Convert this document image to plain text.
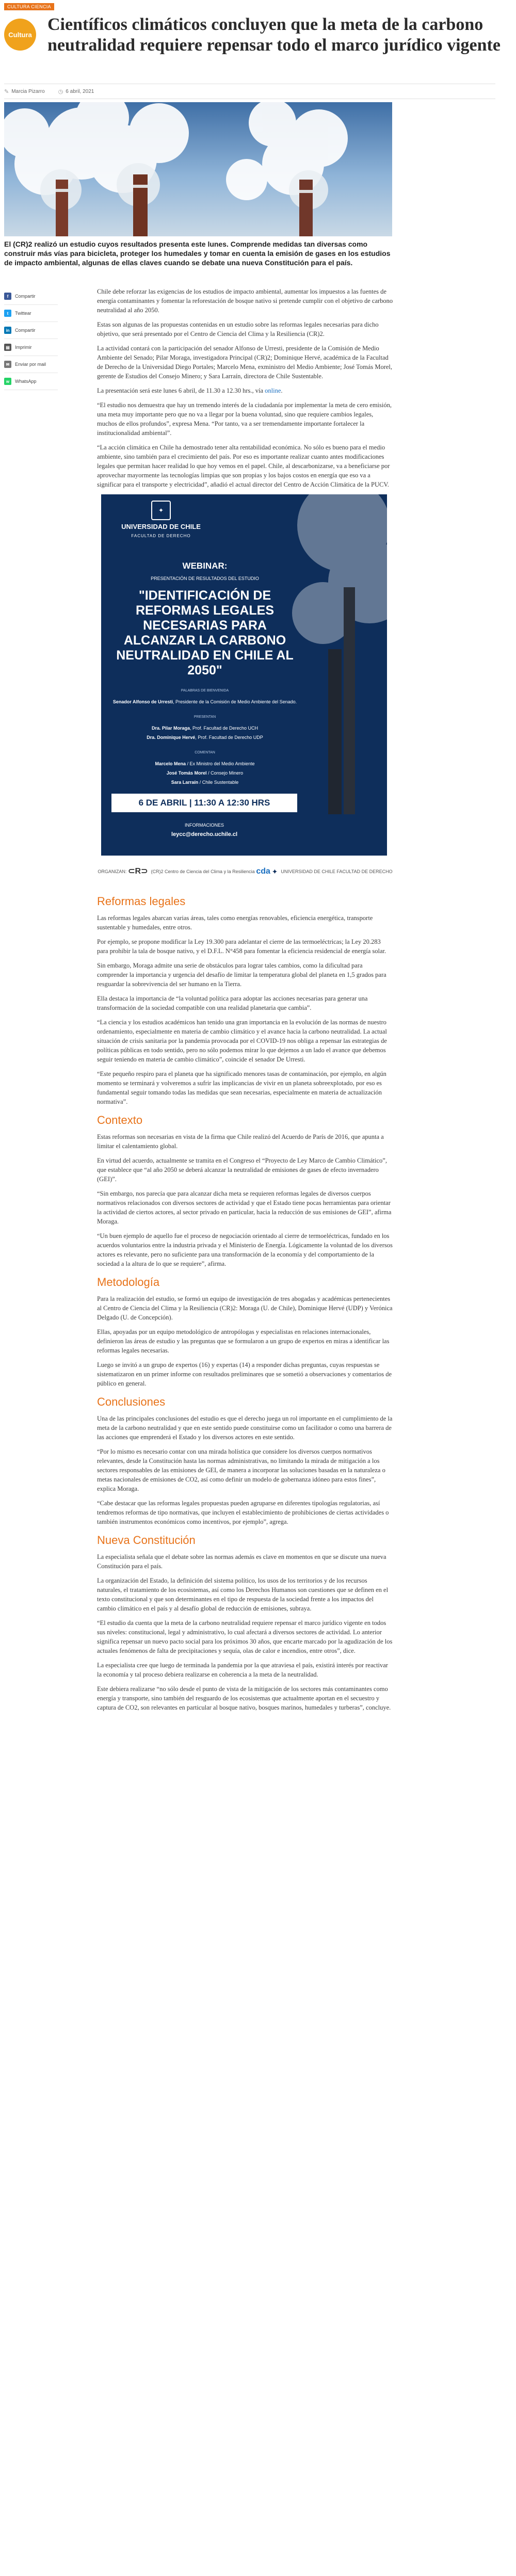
CULTURA CIENCIA
Cultura
Científicos climáticos concluyen que la meta de la carbono neutralidad requiere repensar todo el marco jurídico vigente
✎ Marcia Pizarro ◷ 6 abril, 2021

El (CR)2 realizó un estudio cuyos resultados presenta este lunes. Comprende medidas tan diversas como construir más vías para bicicleta, proteger los humedales y tomar en cuenta la emisión de gases en los estudios de impacto ambiental, algunas de ellas claves cuando se debate una nueva Constitución para el país.

f	Compartir
t	Twittear
in	Compartir
▤	Imprimir
✉	Enviar por mail
w	WhatsApp

Chile debe reforzar las exigencias de los estudios de impacto ambiental, aumentar los impuestos a las fuentes de energía contaminantes y fomentar la reforestación de bosque nativo si pretende cumplir con el objetivo de carbono neutralidad al año 2050.

Estas son algunas de las propuestas contenidas en un estudio sobre las reformas legales necesarias para dicho objetivo, que será presentado por el Centro de Ciencia del Clima y la Resiliencia (CR)2.

La actividad contará con la participación del senador Alfonso de Urresti, presidente de la Comisión de Medio Ambiente del Senado; Pilar Moraga, investigadora Principal (CR)2; Dominique Hervé, académica de la Facultad de Derecho de la Universidad Diego Portales; Marcelo Mena, exministro del Medio Ambiente; José Tomás Morel, gerente de Estudios del Consejo Minero; y Sara Larraín, directora de Chile Sustentable.

La presentación será este lunes 6 abril, de 11.30 a 12.30 hrs., vía online.

“El estudio nos demuestra que hay un tremendo interés de la ciudadanía por implementar la meta de cero emisión, una meta muy importante pero que no va a llegar por la buena voluntad, sino que requiere cambios legales, muchos de ellos profundos”, expresa Mena. “Por tanto, va a ser tremendamente importante fortalecer la institucionalidad ambiental”.

“La acción climática en Chile ha demostrado tener alta rentabilidad económica. No sólo es bueno para el medio ambiente, sino también para el crecimiento del país. Por eso es importante realizar cuanto antes modificaciones legales que permitan hacer realidad lo que hoy vemos en el papel. Chile, al descarbonizarse, va a beneficiarse por aprovechar mayormente las tecnologías limpias que son propias y los bajos costos en energía que eso va a significar para el transporte y electricidad”, añadió el actual director del Centro de Acción Climática de la PUCV.

✦
UNIVERSIDAD DE CHILE
FACULTAD DE DERECHO
WEBINAR:
PRESENTACIÓN DE RESULTADOS DEL ESTUDIO
"IDENTIFICACIÓN DE REFORMAS LEGALES NECESARIAS PARA ALCANZAR LA CARBONO NEUTRALIDAD EN CHILE AL 2050"
PALABRAS DE BIENVENIDA
Senador Alfonso de Urresti, Presidente de la Comisión de Medio Ambiente del Senado.
PRESENTAN
Dra. Pilar Moraga, Prof. Facultad de Derecho UCH
Dra. Dominique Hervé, Prof. Facultad de Derecho UDP
COMENTAN
Marcelo Mena / Ex Ministro del Medio Ambiente
José Tomás Morel / Consejo Minero
Sara Larraín / Chile Sustentable
6 DE ABRIL | 11:30 A 12:30 HRS
INFORMACIONES
leycc@derecho.uchile.cl
ORGANIZAN: ⊂R⊃ (CR)2 Centro de Ciencia del Clima y la Resiliencia cda ✦ UNIVERSIDAD DE CHILE FACULTAD DE DERECHO
Reformas legales

Las reformas legales abarcan varias áreas, tales como energías renovables, eficiencia energética, transporte sustentable y humedales, entre otros.

Por ejemplo, se propone modificar la Ley 19.300 para adelantar el cierre de las termoeléctricas; la Ley 20.283 para prohibir la tala de bosque nativo, y el D.F.L. N°458 para fomentar la eficiencia residencial de energía solar.

Sin embargo, Moraga admite una serie de obstáculos para lograr tales cambios, como la dificultad para comprender la importancia y urgencia del desafío de limitar la temperatura global del planeta en 1,5 grados para resguardar la sobrevivencia del ser humano en la Tierra.

Ella destaca la importancia de “la voluntad política para adoptar las acciones necesarias para generar una transformación de la sociedad compatible con una realidad planetaria que cambia”.

“La ciencia y los estudios académicos han tenido una gran importancia en la evolución de las normas de nuestro ordenamiento, especialmente en materia de cambio climático y el avance hacia la carbono neutralidad. La actual situación de crisis sanitaria por la pandemia provocada por el COVID-19 nos obliga a repensar las estrategias de políticas públicas en todo sentido, pero no sólo podemos mirar lo que dejemos a un lado el avance que debemos seguir teniendo en materia de cambio climático”, coincide el senador De Urresti.

“Este pequeño respiro para el planeta que ha significado menores tasas de contaminación, por ejemplo, en algún momento se terminará y volveremos a sufrir las implicancias de vivir en un planeta sobreexplotado, por eso es fundamental seguir tomando todas las medidas que sean necesarias, especialmente en materia de actualización normativa”.

Contexto

Estas reformas son necesarias en vista de la firma que Chile realizó del Acuerdo de París de 2016, que apunta a limitar el calentamiento global.

En virtud del acuerdo, actualmente se tramita en el Congreso el “Proyecto de Ley Marco de Cambio Climático”, que establece que “al año 2050 se deberá alcanzar la neutralidad de emisiones de gases de efecto invernadero (GEI)”.

“Sin embargo, nos parecía que para alcanzar dicha meta se requieren reformas legales de diversos cuerpos normativos relacionados con diversos sectores de actividad y que el Estado tiene pocas herramientas para orientar la actividad de ciertos actores, al sector privado en particular, hacia la reducción de sus emisiones de GEI”, afirma Moraga.

“Un buen ejemplo de aquello fue el proceso de negociación orientado al cierre de termoeléctricas, fundado en los acuerdos voluntarios entre la industria privada y el Ministerio de Energía. Lógicamente la voluntad de los diversos actores es relevante, pero no suficiente para una transformación de la economía y del comportamiento de la sociedad a la altura de lo que se requiere”, afirma.

Metodología

Para la realización del estudio, se formó un equipo de investigación de tres abogadas y académicas pertenecientes al Centro de Ciencia del Clima y la Resiliencia (CR)2: Moraga (U. de Chile), Dominique Hervé (UDP) y Verónica Delgado (U. de Concepción).

Ellas, apoyadas por un equipo metodológico de antropólogas y especialistas en relaciones internacionales, definieron las áreas de estudio y las preguntas que se formularon a un grupo de expertos en miras a identificar las reformas legales necesarias.

Luego se invitó a un grupo de expertos (16) y expertas (14) a responder dichas preguntas, cuyas respuestas se sistematizaron en un primer informe con resultados preliminares que se sometió a observaciones y comentarios de público en general.

Conclusiones

Una de las principales conclusiones del estudio es que el derecho juega un rol importante en el cumplimiento de la meta de la carbono neutralidad y que en este sentido puede constituirse como un facilitador o como una barrera de las acciones que emprenderá el Estado y los diversos actores en este sentido.

“Por lo mismo es necesario contar con una mirada holística que considere los diversos cuerpos normativos relevantes, desde la Constitución hasta las normas administrativas, no limitando la mirada de mitigación a los sectores responsables de las emisiones de GEI, de manera a incorporar las soluciones basadas en la naturaleza o metas nacionales de emisiones de CO2, así como definir un modelo de gobernanza idóneo para estos fines”, explica Moraga.

“Cabe destacar que las reformas legales propuestas pueden agruparse en diferentes tipologías regulatorias, así tendremos reformas de tipo normativas, que incluyen el establecimiento de prohibiciones de ciertas actividades o también instrumentos económicos como incentivos, por ejemplo”, agrega.

Nueva Constitución

La especialista señala que el debate sobre las normas además es clave en momentos en que se discute una nueva Constitución para el país.

La organización del Estado, la definición del sistema político, los usos de los territorios y de los recursos naturales, el tratamiento de los ecosistemas, así como los Derechos Humanos son cuestiones que se definen en el texto constitucional y que son determinantes en el tipo de respuesta de la sociedad frente a los impactos del cambio climático en el país y al desafío global de reducción de emisiones, subraya.

“El estudio da cuenta que la meta de la carbono neutralidad requiere repensar el marco jurídico vigente en todos sus niveles: constitucional, legal y administrativo, lo cual afectará a diversos sectores de actividad. Lo anterior significa repensar un nuevo pacto social para los próximos 30 años, que encarte marcado por la agudización de los actuales fenómenos de falta de precipitaciones y sequía, olas de calor e incendios, entre otros”, dice.

La especialista cree que luego de terminada la pandemia por la que atraviesa el país, existirá interés por reactivar la economía y tal proceso debiera realizarse en coherencia a la meta de la neutralidad.

Este debiera realizarse “no sólo desde el punto de vista de la mitigación de los sectores más contaminantes como energía y transporte, sino también del resguardo de los ecosistemas que actualmente aportan en el secuestro y captura de CO2, son relevantes en particular al bosque nativo, bosques marinos, humedales y turberas”, concluye.
